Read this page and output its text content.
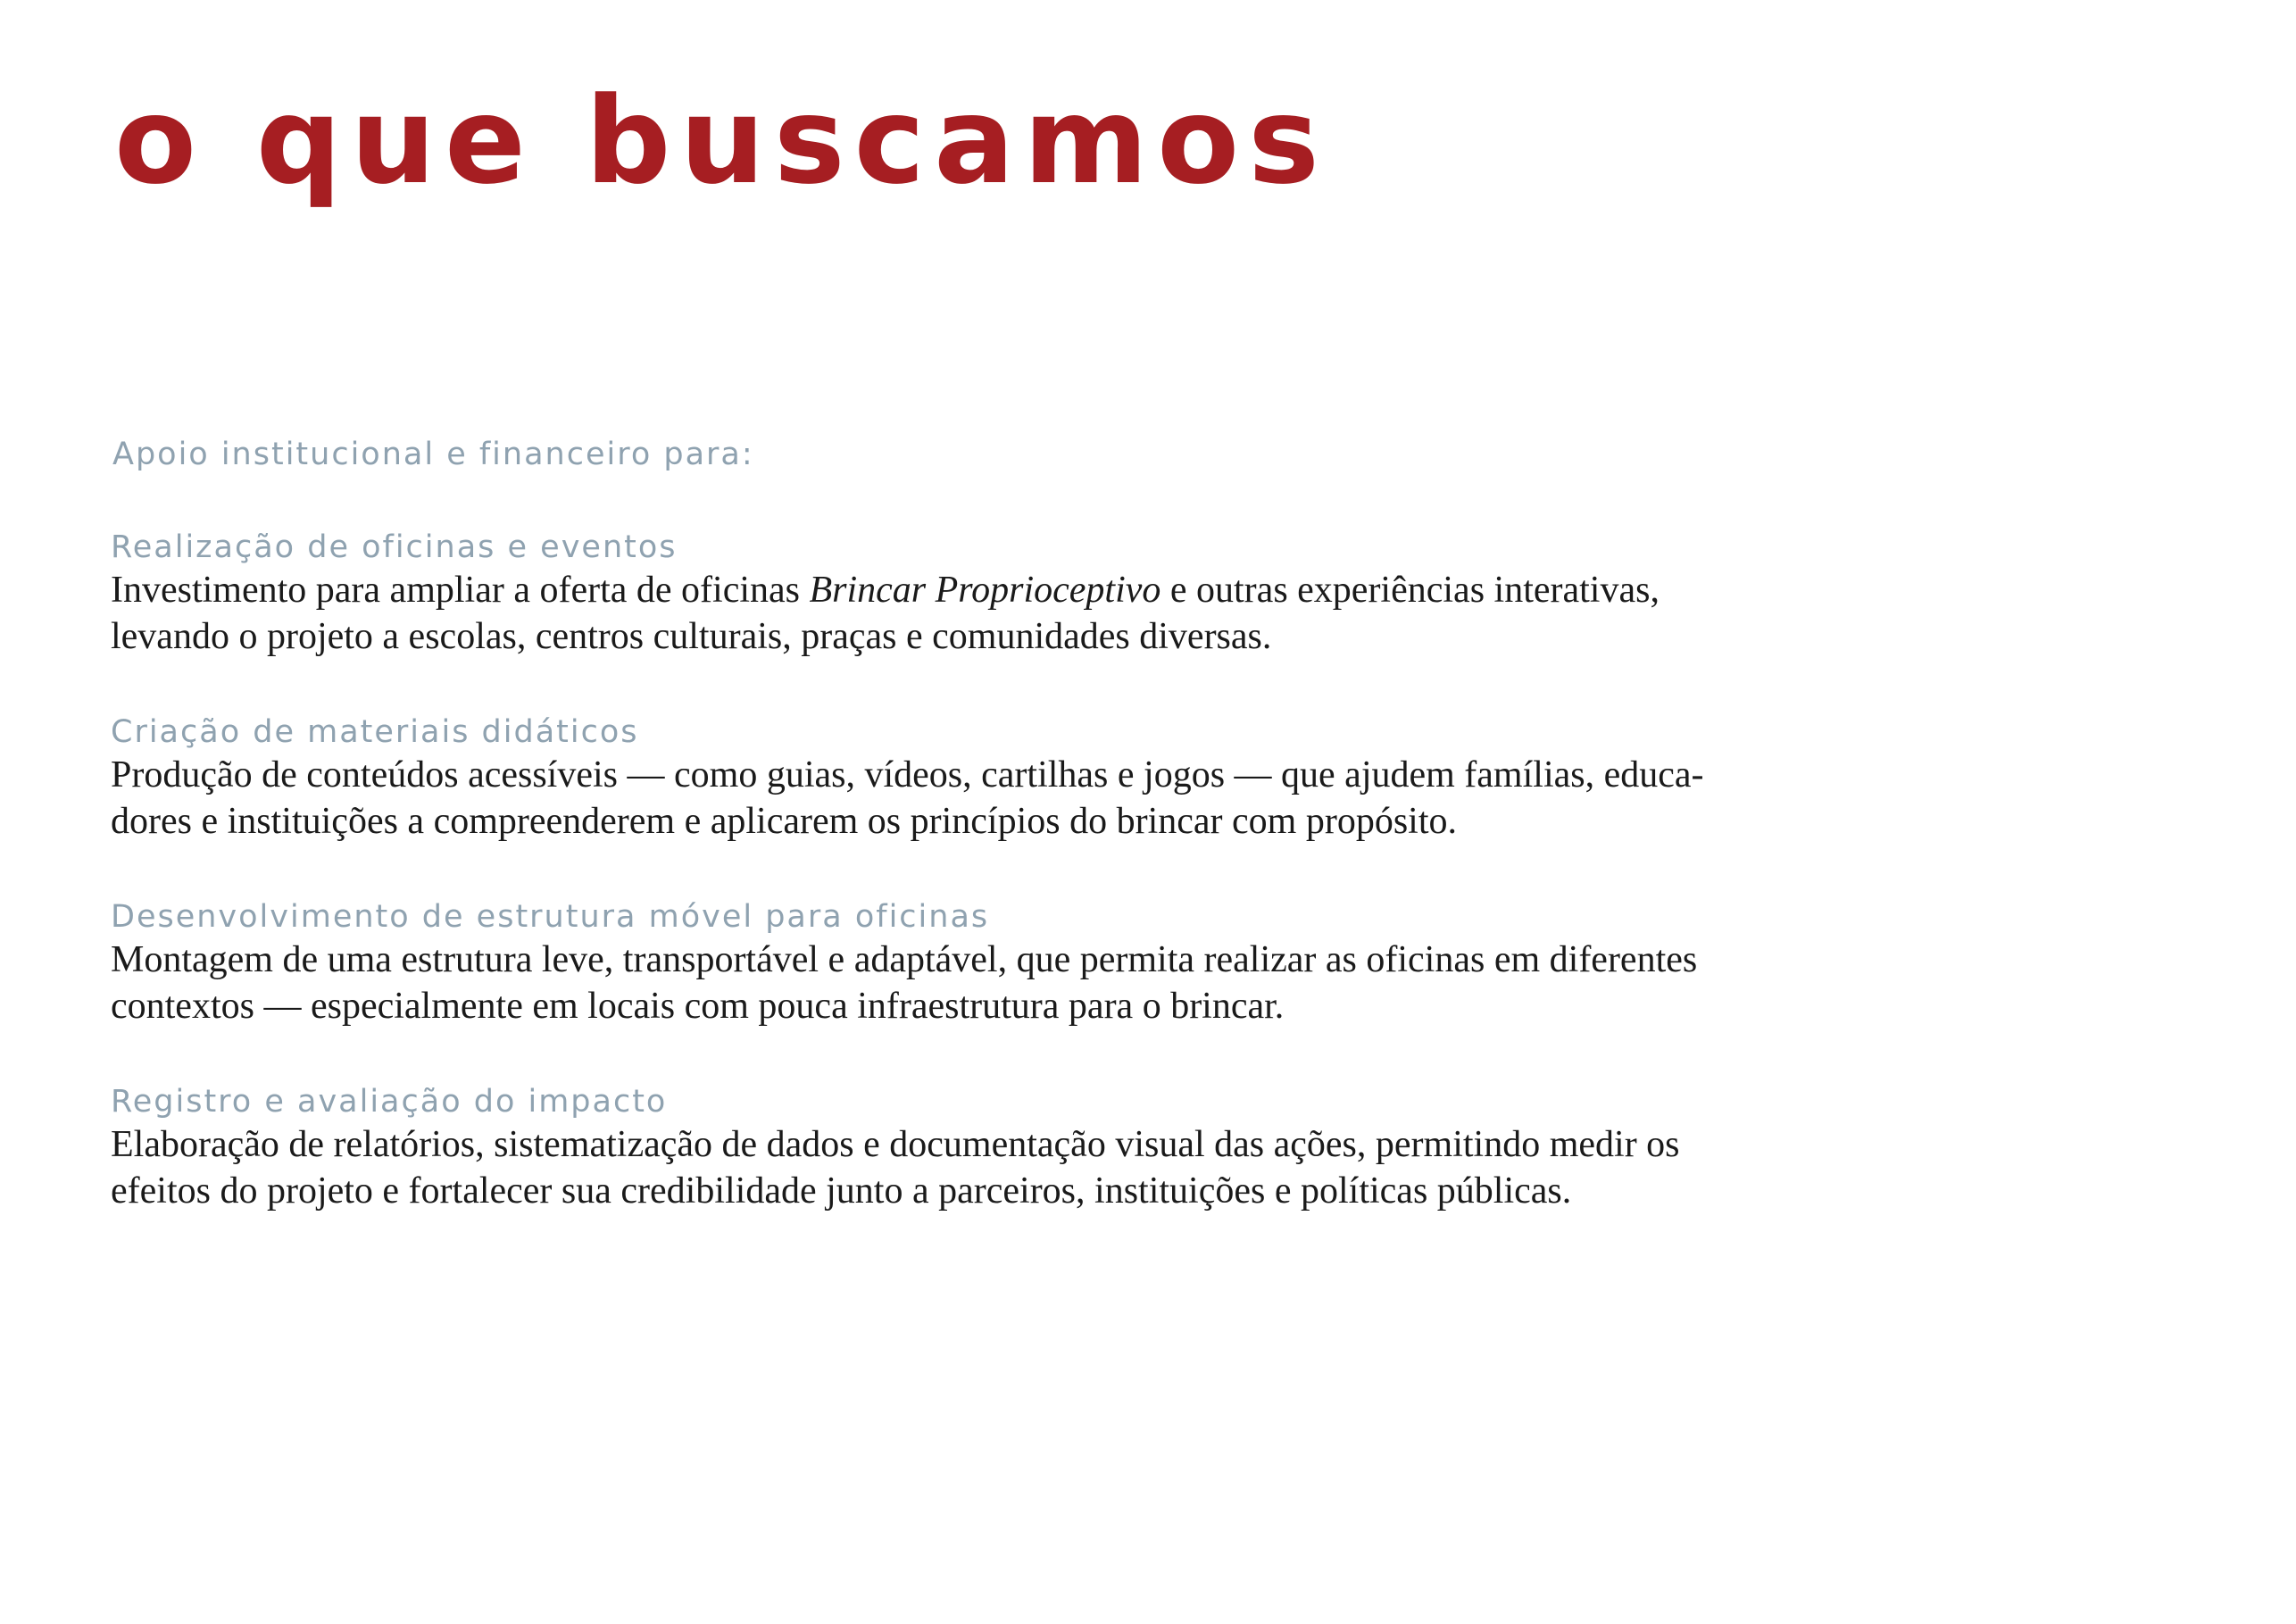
o que buscamos

Apoio institucional e financeiro para:

Realização de oficinas e eventos

Investimento para ampliar a oferta de oficinas Brincar Proprioceptivo e outras experiências interativas,

levando o projeto a escolas, centros culturais, praças e comunidades diversas.

Criação de materiais didáticos

Produção de conteúdos acessíveis — como guias, vídeos, cartilhas e jogos — que ajudem famílias, educa-

dores e instituições a compreenderem e aplicarem os princípios do brincar com propósito.

Desenvolvimento de estrutura móvel para oficinas

Montagem de uma estrutura leve, transportável e adaptável, que permita realizar as oficinas em diferentes

contextos — especialmente em locais com pouca infraestrutura para o brincar.

Registro e avaliação do impacto

Elaboração de relatórios, sistematização de dados e documentação visual das ações, permitindo medir os

efeitos do projeto e fortalecer sua credibilidade junto a parceiros, instituições e políticas públicas.
